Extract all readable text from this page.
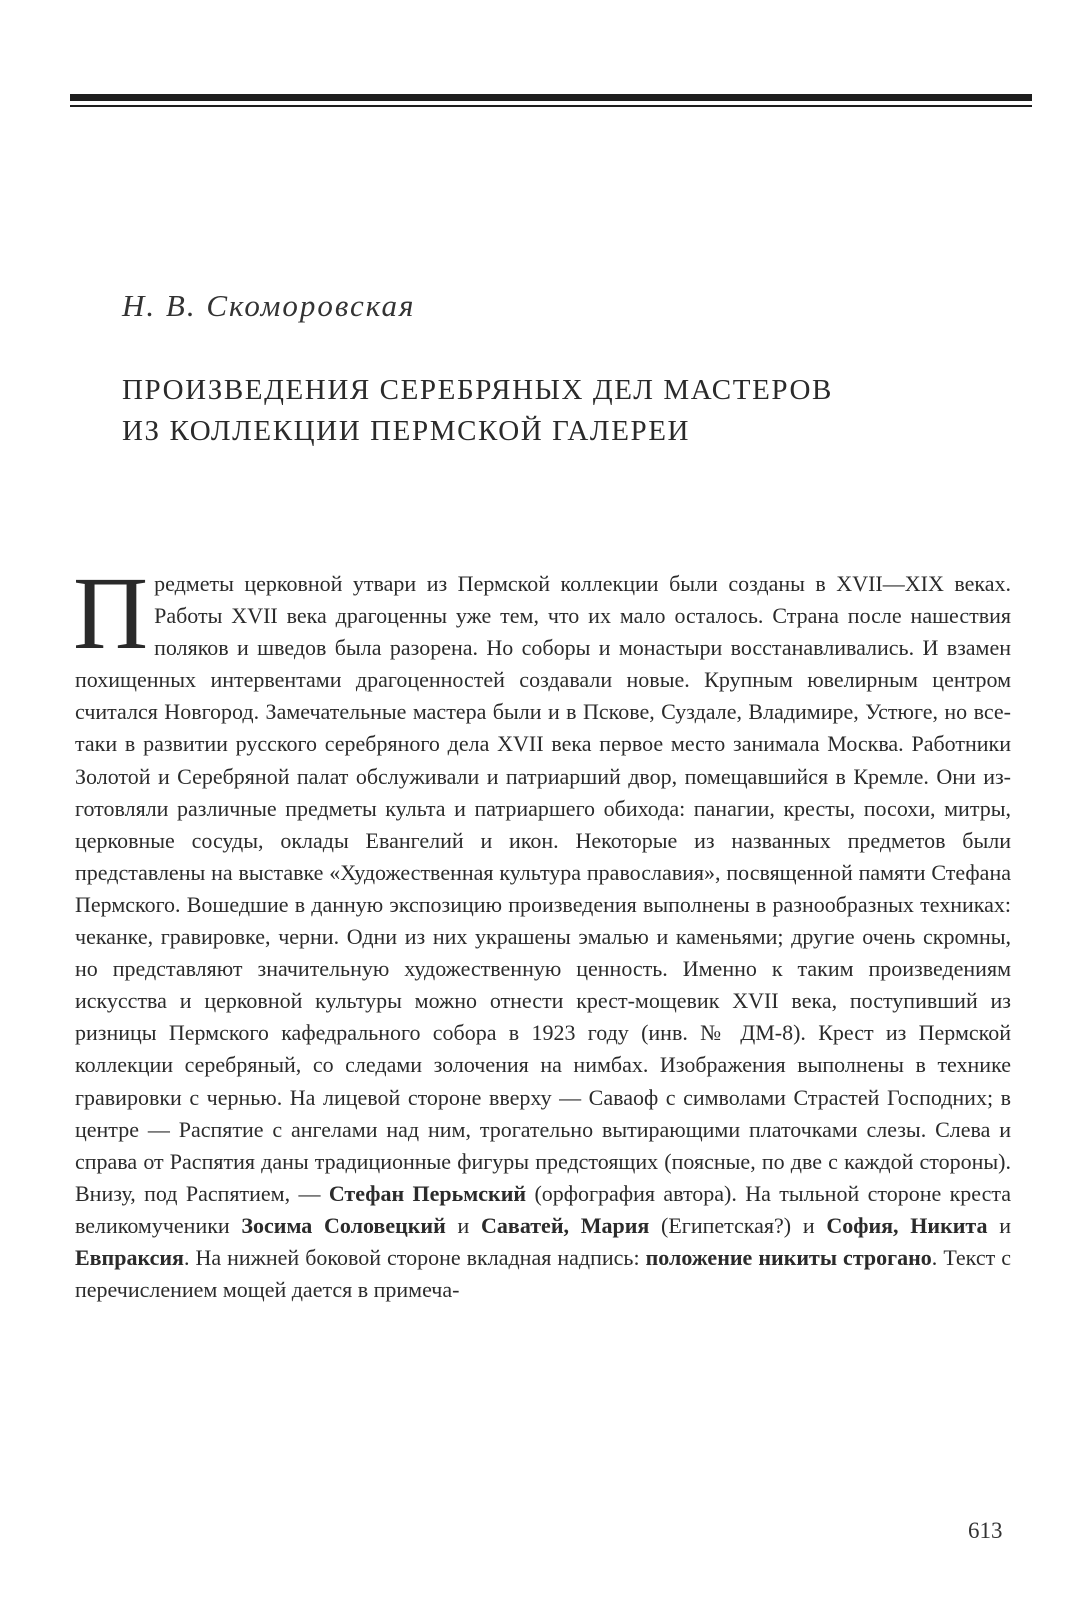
Н. В. Скоморовская
ПРОИЗВЕДЕНИЯ СЕРЕБРЯНЫХ ДЕЛ МАСТЕРОВ
ИЗ КОЛЛЕКЦИИ ПЕРМСКОЙ ГАЛЕРЕИ
Предметы церковной утвари из Пермской коллекции были созданы в XVII—XIX веках. Работы XVII века драгоценны уже тем, что их мало осталось. Страна после нашествия поляков и шведов была разорена. Но соборы и монастыри восстанавливались. И взамен похищенных интервентами драгоценностей создавали новые. Крупным ювелирным центром считался Новгород. Замечательные мастера были и в Пскове, Суздале, Владимире, Устюге, но все-таки в развитии русского серебряного дела XVII века первое место занимала Москва. Работники Золотой и Серебряной палат обслуживали и патриарший двор, помещавшийся в Кремле. Они изготовляли различные предметы культа и патриаршего обихода: панагии, кресты, посохи, митры, церковные сосуды, оклады Евангелий и икон. Некоторые из названных предметов были представлены на выставке «Художественная культура православия», посвященной памяти Стефана Пермского. Вошедшие в данную экспозицию произведения выполнены в разнообразных техниках: чеканке, гравировке, черни. Одни из них украшены эмалью и каменьями; другие очень скромны, но представляют значительную художественную ценность. Именно к таким произведениям искусства и церковной культуры можно отнести крест-мощевик XVII века, поступивший из ризницы Пермского кафедрального собора в 1923 году (инв. № ДМ-8). Крест из Пермской коллекции серебряный, со следами золочения на нимбах. Изображения выполнены в технике гравировки с чернью. На лицевой стороне вверху — Саваоф с символами Страстей Господних; в центре — Распятие с ангелами над ним, трогательно вытирающими платочками слезы. Слева и справа от Распятия даны традиционные фигуры предстоящих (поясные, по две с каждой стороны). Внизу, под Распятием, — Стефан Перьмский (орфография автора). На тыльной стороне креста великомученики Зосима Соловецкий и Саватей, Мария (Египетская?) и София, Никита и Евпраксия. На нижней боковой стороне вкладная надпись: положение никиты строгано. Текст с перечислением мощей дается в примеча-
613
